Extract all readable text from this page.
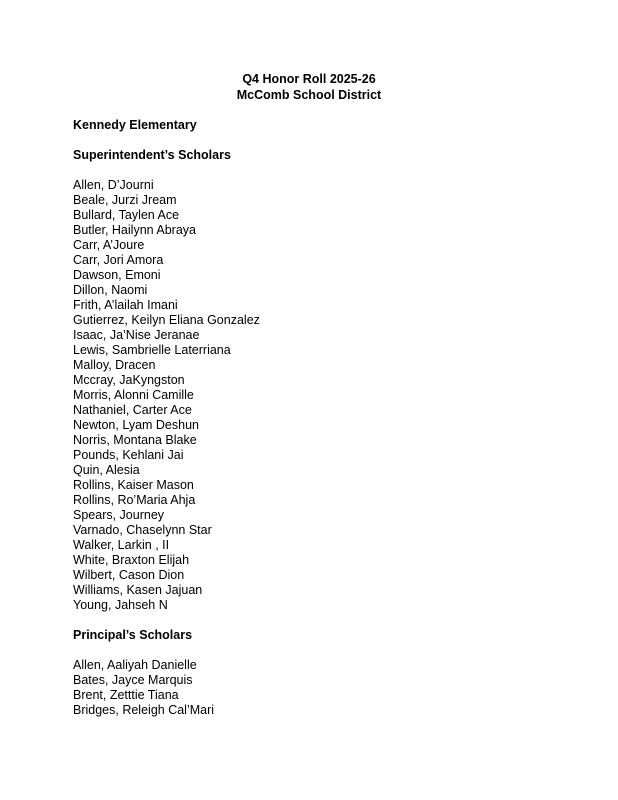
Q4 Honor Roll 2025-26
McComb School District
Kennedy Elementary
Superintendent’s Scholars
Allen, D’Journi
Beale, Jurzi Jream
Bullard, Taylen Ace
Butler, Hailynn Abraya
Carr, A’Joure
Carr, Jori Amora
Dawson, Emoni
Dillon, Naomi
Frith, A’lailah Imani
Gutierrez, Keilyn Eliana Gonzalez
Isaac, Ja’Nise Jeranae
Lewis, Sambrielle Laterriana
Malloy, Dracen
Mccray, JaKyngston
Morris, Alonni Camille
Nathaniel, Carter Ace
Newton, Lyam Deshun
Norris, Montana Blake
Pounds, Kehlani Jai
Quin, Alesia
Rollins, Kaiser Mason
Rollins, Ro’Maria Ahja
Spears, Journey
Varnado, Chaselynn Star
Walker, Larkin , II
White, Braxton Elijah
Wilbert, Cason Dion
Williams, Kasen Jajuan
Young, Jahseh N
Principal’s Scholars
Allen, Aaliyah Danielle
Bates, Jayce Marquis
Brent, Zetttie Tiana
Bridges, Releigh Cal’Mari
